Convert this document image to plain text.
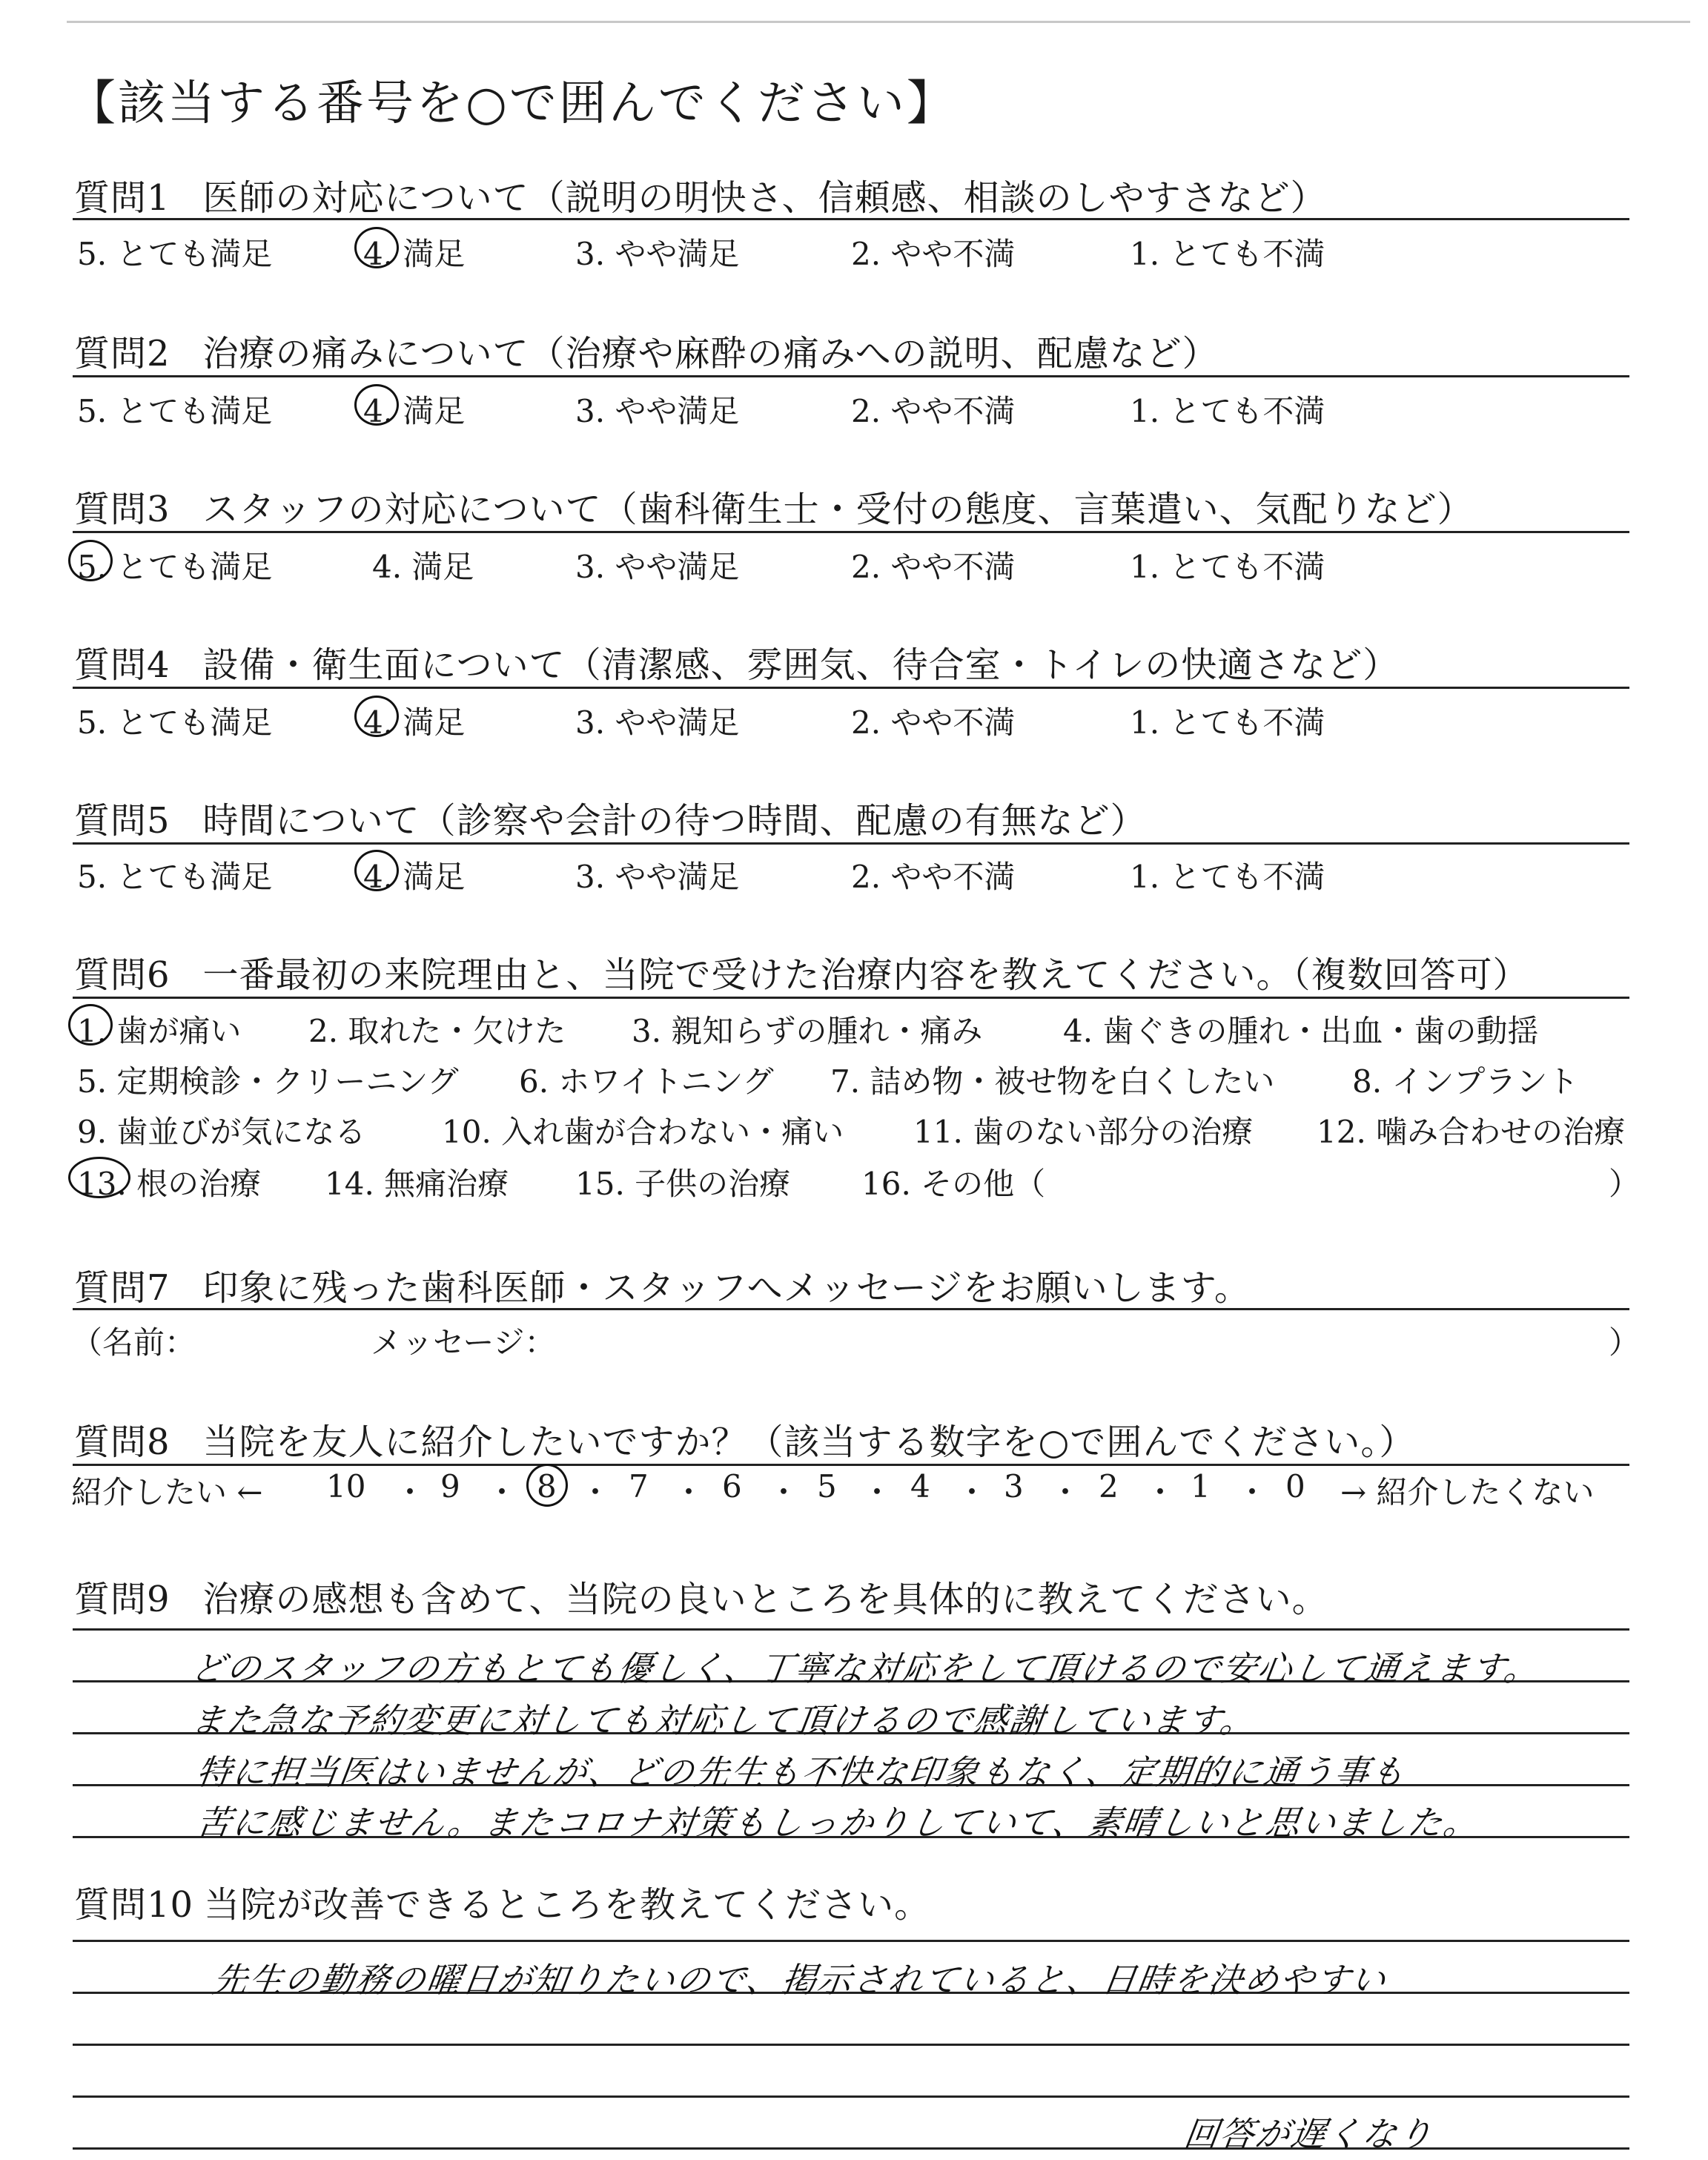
【該当する番号を○で囲んでください】
質問1 医師の対応について（説明の明快さ、信頼感、相談のしやすさなど）
5. とても満足	4. 満足	3. やや満足	2. やや不満	1. とても不満
質問2 治療の痛みについて（治療や麻酔の痛みへの説明、配慮など）
5. とても満足	4. 満足	3. やや満足	2. やや不満	1. とても不満
質問3 スタッフの対応について（歯科衛生士・受付の態度、言葉遣い、気配りなど）
5. とても満足	4. 満足	3. やや満足	2. やや不満	1. とても不満
質問4 設備・衛生面について（清潔感、雰囲気、待合室・トイレの快適さなど）
5. とても満足	4. 満足	3. やや満足	2. やや不満	1. とても不満
質問5 時間について（診察や会計の待つ時間、配慮の有無など）
5. とても満足	4. 満足	3. やや満足	2. やや不満	1. とても不満
質問6 一番最初の来院理由と、当院で受けた治療内容を教えてください。（複数回答可）
1. 歯が痛い 2. 取れた・欠けた 3. 親知らずの腫れ・痛み	4. 歯ぐきの腫れ・出血・歯の動揺
5. 定期検診・クリーニング 6. ホワイトニング 7. 詰め物・被せ物を白くしたい 8. インプラント
9. 歯並びが気になる 10. 入れ歯が合わない・痛い 11. 歯のない部分の治療 12. 噛み合わせの治療
13. 根の治療 14. 無痛治療 15. 子供の治療 16. その他（	）
質問7 印象に残った歯科医師・スタッフへメッセージをお願いします。
（名前：	メッセージ：	）
質問8 当院を友人に紹介したいですか？（該当する数字を○で囲んでください。）
紹介したい ← 10 ・ 9 ・ 8 ・ 7 ・ 6 ・ 5 ・ 4 ・ 3 ・ 2 ・ 1 ・ 0 → 紹介したくない
質問9 治療の感想も含めて、当院の良いところを具体的に教えてください。
どのスタッフの方もとても優しく、丁寧な対応をして頂けるので安心して通えます。
また急な予約変更に対しても対応して頂けるので感謝しています。
特に担当医はいませんが、どの先生も不快な印象もなく、定期的に通う事も
苦に感じません。またコロナ対策もしっかりしていて、素晴しいと思いました。
質問10 当院が改善できるところを教えてください。
先生の勤務の曜日が知りたいので、掲示されていると、日時を決めやすい
回答が遅くなり
